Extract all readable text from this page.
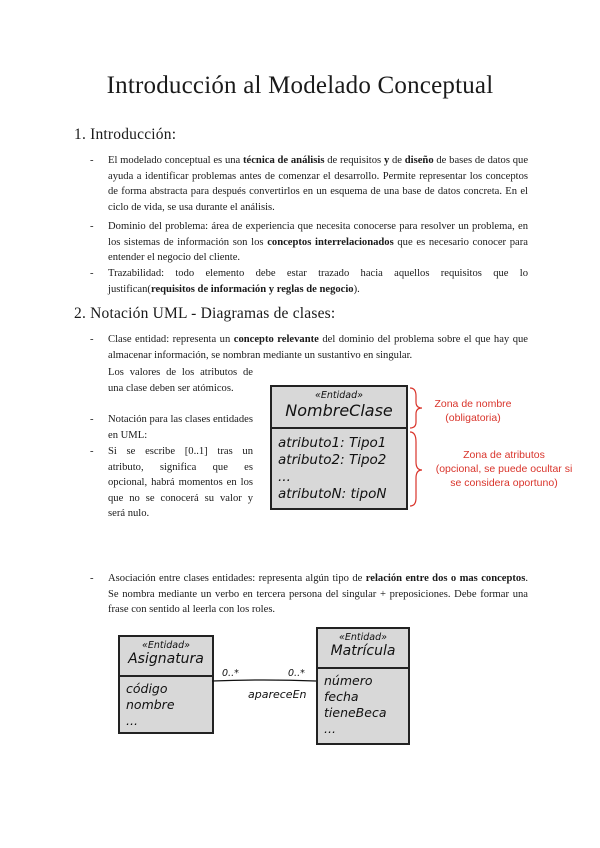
Introducción al Modelado Conceptual
1. Introducción:
- El modelado conceptual es una técnica de análisis de requisitos y de diseño de bases de datos que ayuda a identificar problemas antes de comenzar el desarrollo. Permite representar los conceptos de forma abstracta para después convertirlos en un esquema de una base de datos concreta. En el ciclo de vida, se usa durante el análisis.
- Dominio del problema: área de experiencia que necesita conocerse para resolver un problema, en los sistemas de información son los conceptos interrelacionados que es necesario conocer para entender el negocio del cliente.
- Trazabilidad: todo elemento debe estar trazado hacia aquellos requisitos que lo justifican(requisitos de información y reglas de negocio).
2. Notación UML - Diagramas de clases:
- Clase entidad: representa un concepto relevante del dominio del problema sobre el que hay que almacenar información, se nombran mediante un sustantivo en singular.
Los valores de los atributos de una clase deben ser atómicos.
- Notación para las clases entidades en UML:
- Si se escribe [0..1] tras un atributo, significa que es opcional, habrá momentos en los que no se conocerá su valor y será nulo.
«Entidad»
NombreClase
atributo1: Tipo1
atributo2: Tipo2
...
atributoN: tipoN
Zona de nombre
(obligatoria)
Zona de atributos
(opcional, se puede ocultar si
se considera oportuno)
- Asociación entre clases entidades: representa algún tipo de relación entre dos o mas conceptos. Se nombra mediante un verbo en tercera persona del singular + preposiciones. Debe formar una frase con sentido al leerla con los roles.
«Entidad»
Asignatura
código
nombre
...
«Entidad»
Matrícula
número
fecha
tieneBeca
...
0..*	0..*
apareceEn
